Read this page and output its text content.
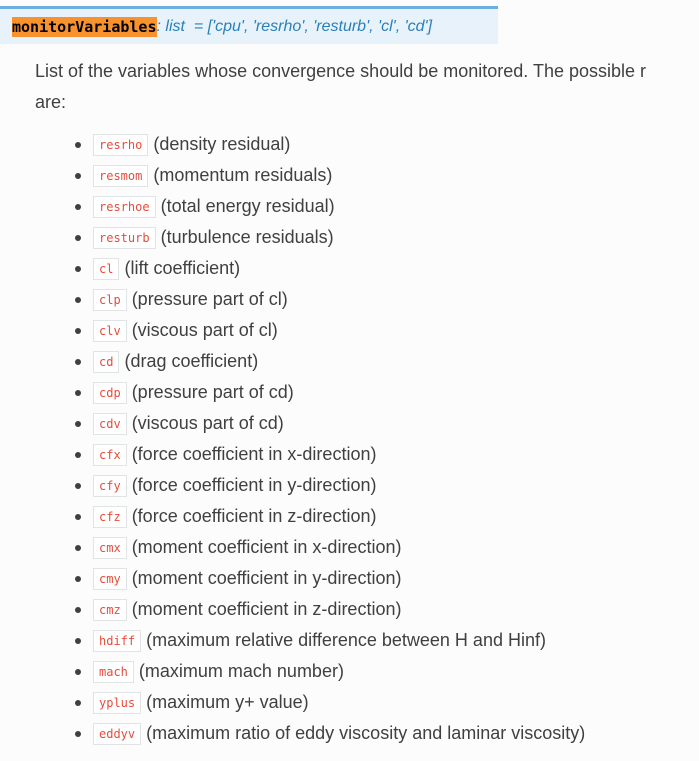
monitorVariables : list = ['cpu', 'resrho', 'resturb', 'cl', 'cd']
List of the variables whose convergence should be monitored. The possible r
are:
resrho (density residual)
resmom (momentum residuals)
resrhoe (total energy residual)
resturb (turbulence residuals)
cl (lift coefficient)
clp (pressure part of cl)
clv (viscous part of cl)
cd (drag coefficient)
cdp (pressure part of cd)
cdv (viscous part of cd)
cfx (force coefficient in x-direction)
cfy (force coefficient in y-direction)
cfz (force coefficient in z-direction)
cmx (moment coefficient in x-direction)
cmy (moment coefficient in y-direction)
cmz (moment coefficient in z-direction)
hdiff (maximum relative difference between H and Hinf)
mach (maximum mach number)
yplus (maximum y+ value)
eddyv (maximum ratio of eddy viscosity and laminar viscosity)
